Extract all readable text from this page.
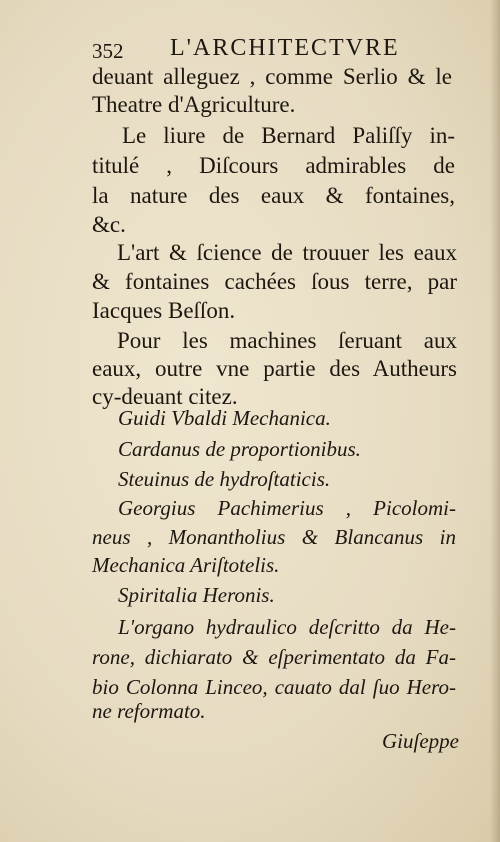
352 L'ARCHITECTVRE
deuant alleguez , comme Serlio & le
Theatre d'Agriculture.
Le liure de Bernard Paliſſy in-
titulé , Diſcours admirables de
la nature des eaux & fontaines,
&c.
L'art & ſcience de trouuer les eaux
& fontaines cachées ſous terre, par
Iacques Beſſon.
Pour les machines ſeruant aux
eaux, outre vne partie des Autheurs
cy-deuant citez.
Guidi Vbaldi Mechanica.
Cardanus de proportionibus.
Steuinus de hydroſtaticis.
Georgius Pachimerius , Picolomi-
neus , Monantholius & Blancanus in
Mechanica Ariſtotelis.
Spiritalia Heronis.
L'organo hydraulico deſcritto da He-
rone, dichiarato & eſperimentato da Fa-
bio Colonna Linceo, cauato dal ſuo Hero-
ne reformato.
Giuſeppe
